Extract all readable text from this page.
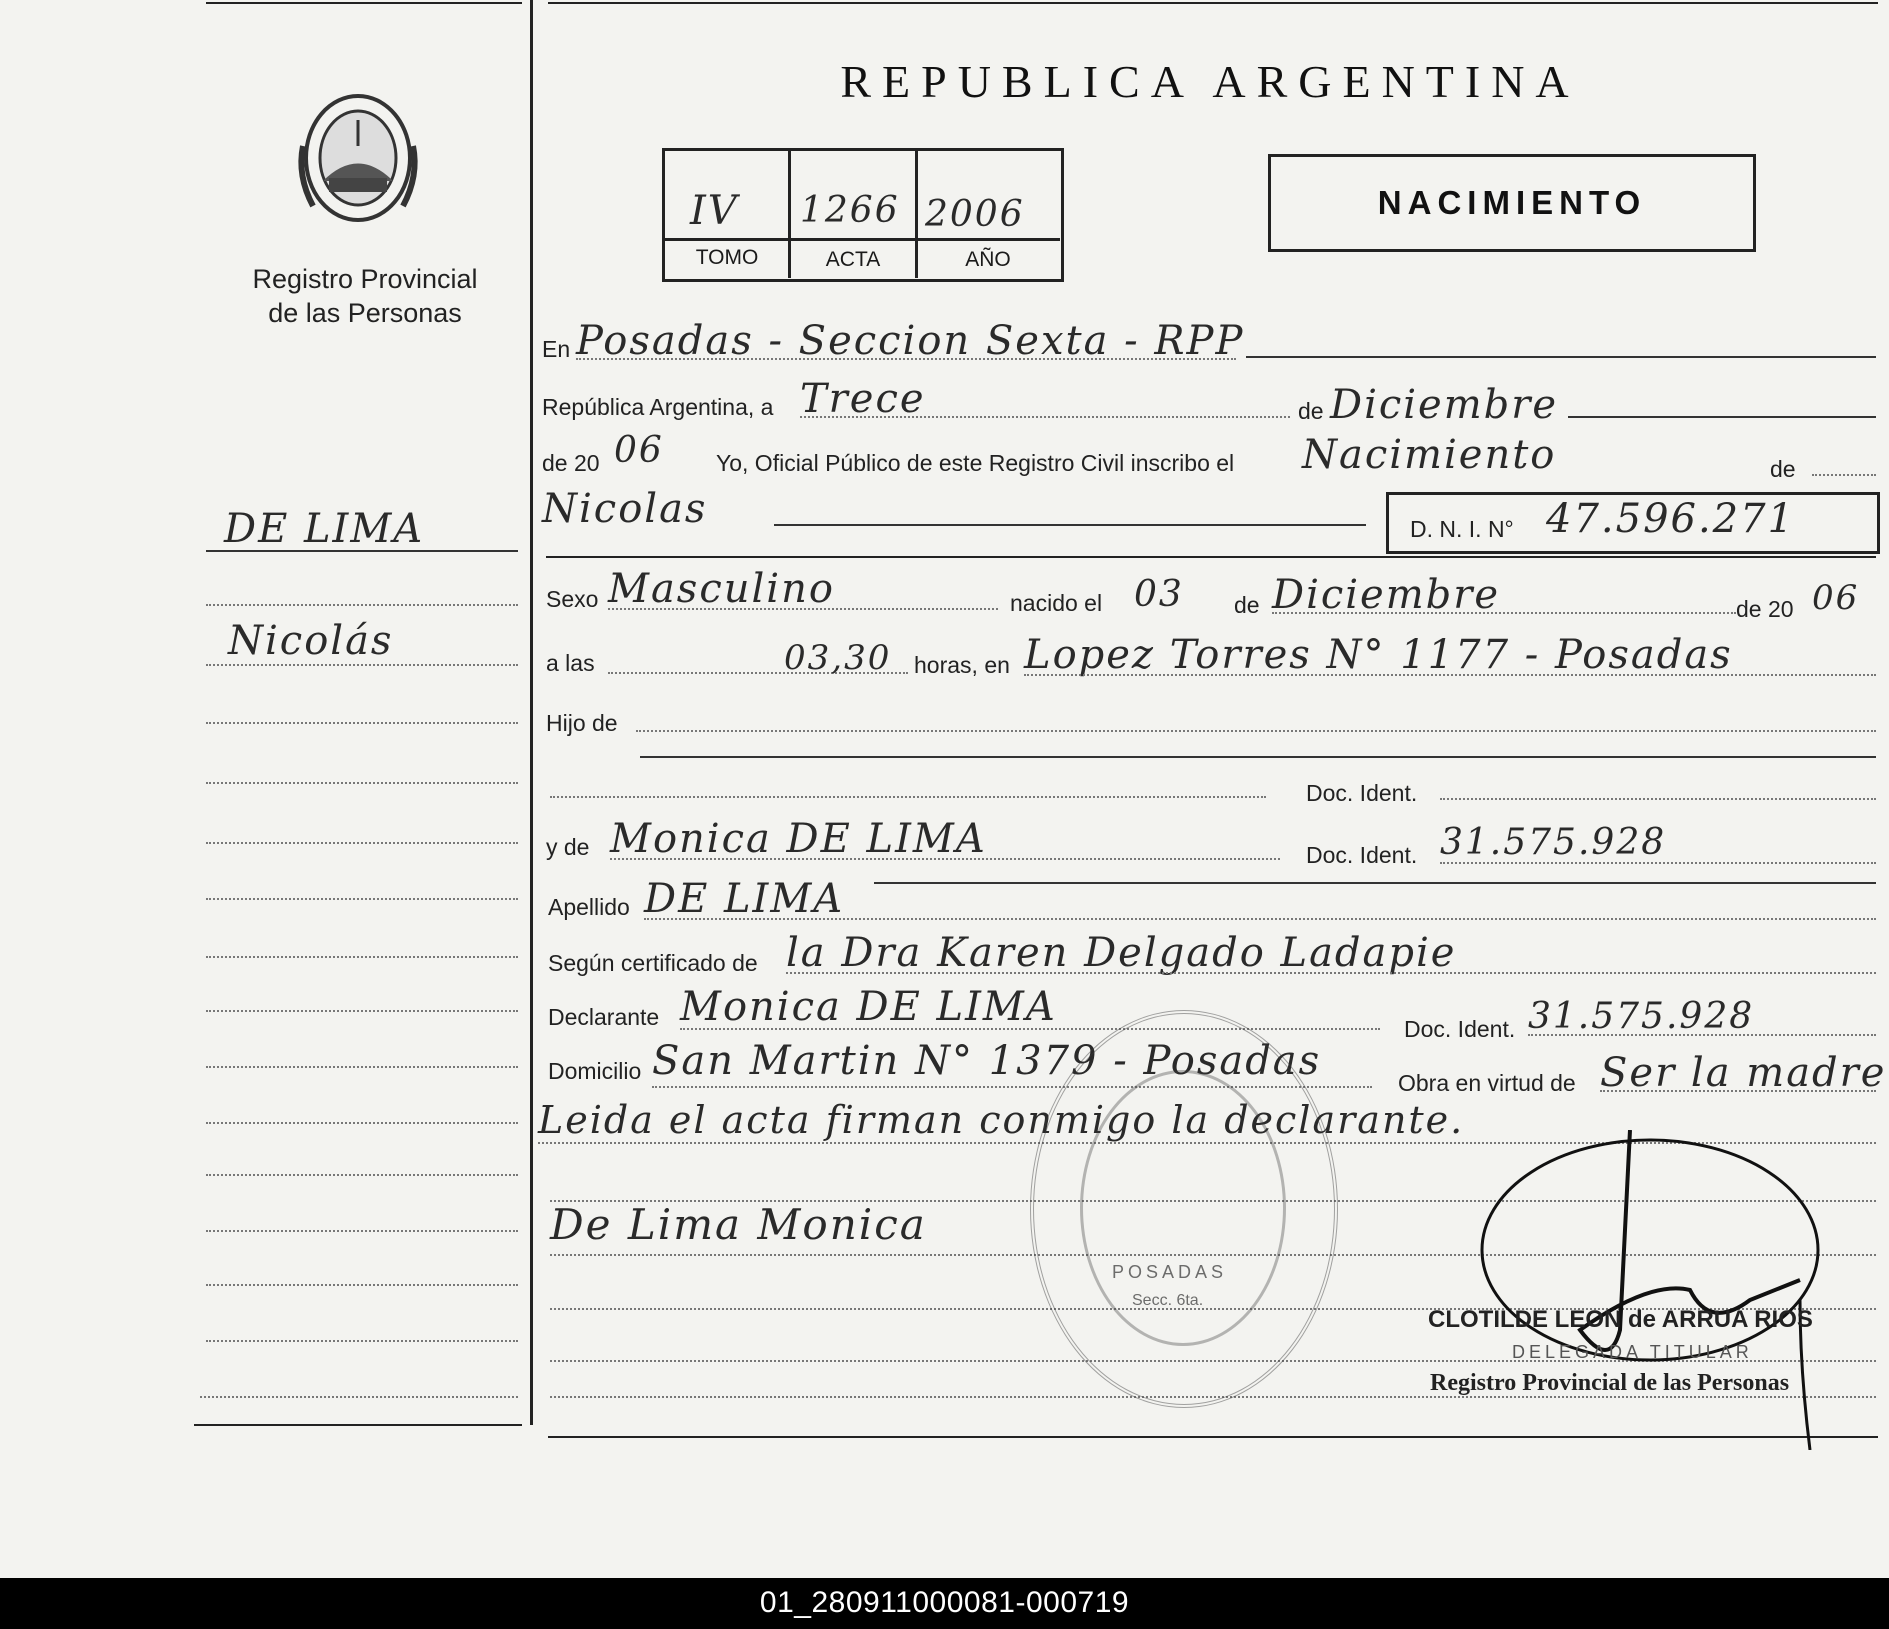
Registro Provincial
de las Personas
REPUBLICA ARGENTINA
IV 1266 2006
TOMO	ACTA	AÑO
NACIMIENTO
DE LIMA
Nicolás
En Posadas - Seccion Sexta - RPP
República Argentina, a Trece	de Diciembre
de 20 06 Yo, Oficial Público de este Registro Civil inscribo el Nacimiento	de
Nicolas	D. N. I. N° 47.596.271
Sexo Masculino	nacido el 03 de Diciembre	de 20 06
a las	03,30 horas, en Lopez Torres N° 1177 - Posadas
Hijo de
Doc. Ident.
y de Monica DE LIMA	Doc. Ident. 31.575.928
Apellido DE LIMA
Según certificado de la Dra Karen Delgado Ladapie
Declarante Monica DE LIMA	Doc. Ident. 31.575.928
Domicilio San Martin N° 1379 - Posadas	Obra en virtud de Ser la madre
Leida el acta firman conmigo la declarante.
De Lima Monica
POSADAS
Secc. 6ta.
CLOTILDE LEON de ARRUA RIOS
DELEGADA TITULAR
Registro Provincial de las Personas
01_280911000081-000719
